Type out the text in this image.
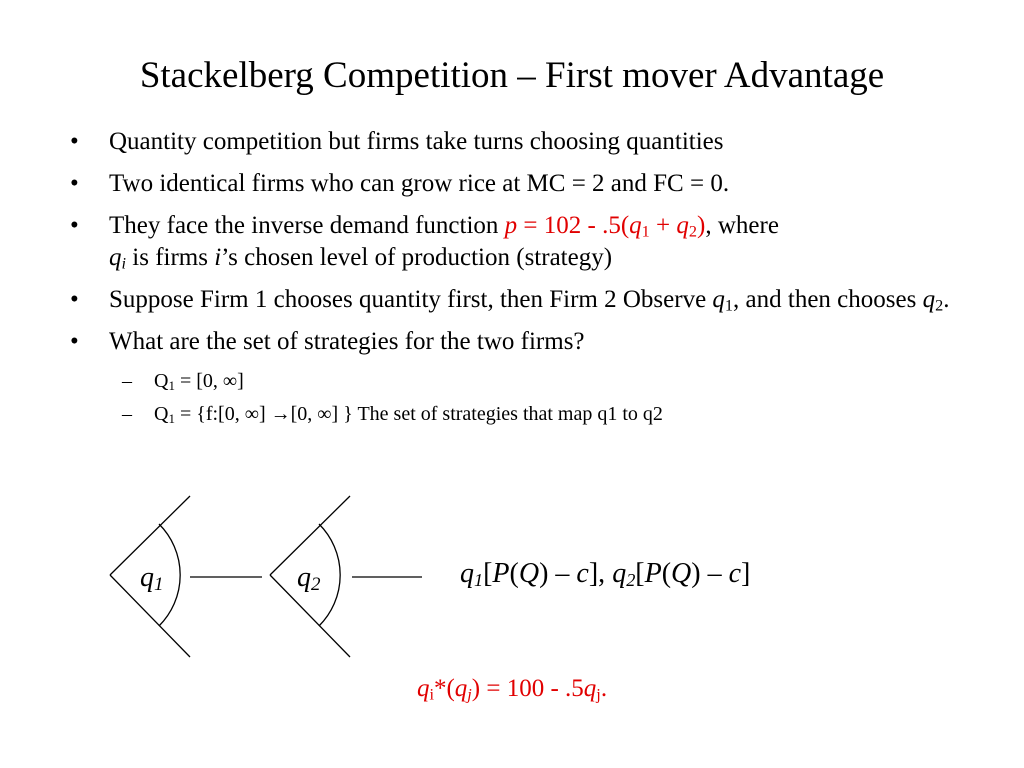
Stackelberg Competition – First mover Advantage
• Quantity competition but firms take turns choosing quantities
• Two identical firms who can grow rice at MC = 2 and FC = 0.
• They face the inverse demand function $p = 102 - .5(q_1 + q_2)$, where
$q_i$ is firms i’s chosen level of production (strategy)
• Suppose Firm 1 chooses quantity first, then Firm 2 Observe $q_1$, and then chooses $q_2$.
• What are the set of strategies for the two firms?
– $Q_1 = [0$, ∞]
– $Q_1$ = {f:[0, ∞] →[0, ∞] } The set of strategies that map q1 to q2
q1	q2	$q_1[P(Q) - c]$, $q_2[P(Q) - c]$
$q_i*(q_j) = 100 - .5q_j$.
